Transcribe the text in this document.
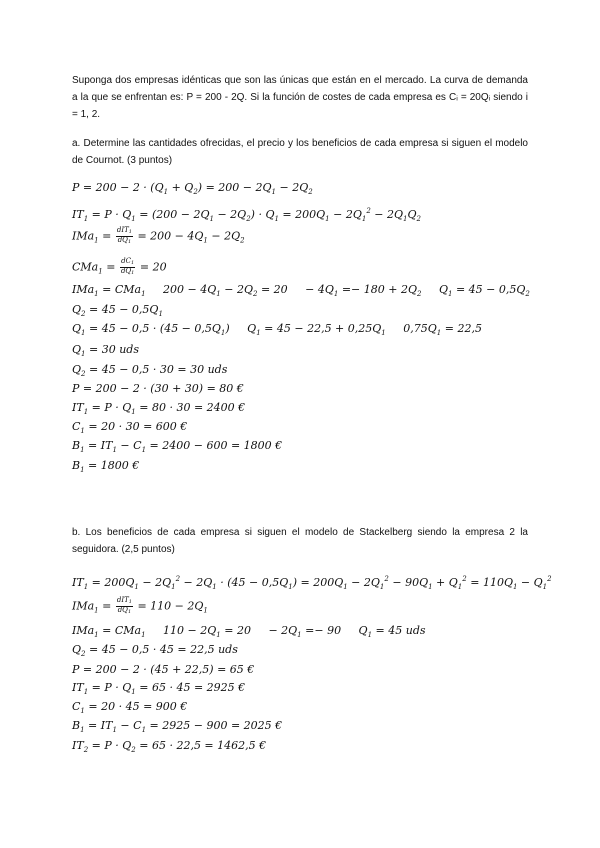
Suponga dos empresas idénticas que son las únicas que están en el mercado. La curva de demanda a la que se enfrentan es: P = 200 - 2Q. Si la función de costes de cada empresa es Cᵢ = 20Qᵢ siendo i = 1, 2.
a. Determine las cantidades ofrecidas, el precio y los beneficios de cada empresa si siguen el modelo de Cournot. (3 puntos)
$P = 200 - 2 \cdot (Q_1 + Q_2) = 200 - 2Q_1 - 2Q_2$
$IT_1 = P \cdot Q_1 = (200 - 2Q_1 - 2Q_2) \cdot Q_1 = 200Q_1 - 2Q_1^2 - 2Q_1Q_2$
$IMa_1 = \frac{dIT_1}{dQ_1} = 200 - 4Q_1 - 2Q_2$
$CMa_1 = \frac{dC_1}{dQ_1} = 20$
IMa$_1$ = CMa$_1$     $200 - 4Q_1 - 2Q_2 = 20$     − $4Q_1 =- 180 + 2Q_2$     $Q_1 = 45 - 0,5Q_2$
$Q_2 = 45 - 0,5Q_1$
$Q_1 = 45 - 0,5 \cdot (45 - 0,5Q_1)$     $Q_1 = 45 - 22,5 + 0,25Q_1$     $0,75Q_1 = 22,5$
$Q_1 = 30$ uds
$Q_2 = 45 - 0,5 \cdot 30 = 30$ uds
P = 200 − 2 · (30 + 30) = 80 €
$IT_1 = P \cdot Q_1 = 80 \cdot 30 = 2400$ €
$C_1 = 20 \cdot 30 = 600$ €
$B_1 = IT_1 - C_1 = 2400 - 600 = 1800$ €
$B_1 = 1800$ €
b. Los beneficios de cada empresa si siguen el modelo de Stackelberg siendo la empresa 2 la seguidora. (2,5 puntos)
$IT_1 = 200Q_1 - 2Q_1^2 - 2Q_1 \cdot (45 - 0,5Q_1) = 200Q_1 - 2Q_1^2 - 90Q_1 + Q_1^2 = 110Q_1 - Q_1^2$
$IMa_1 = \frac{dIT_1}{dQ_1} = 110 - 2Q_1$
IMa$_1$ = CMa$_1$     $110 - 2Q_1 = 20$     − $2Q_1 =- 90$     $Q_1 = 45$ uds
$Q_2 = 45 - 0,5 \cdot 45 = 22,5$ uds
P = 200 − 2 · (45 + 22,5) = 65 €
$IT_1 = P \cdot Q_1 = 65 \cdot 45 = 2925$ €
$C_1 = 20 \cdot 45 = 900$ €
$B_1 = IT_1 - C_1 = 2925 - 900 = 2025$ €
$IT_2 = P \cdot Q_2 = 65 \cdot 22,5 = 1462,5$ €
